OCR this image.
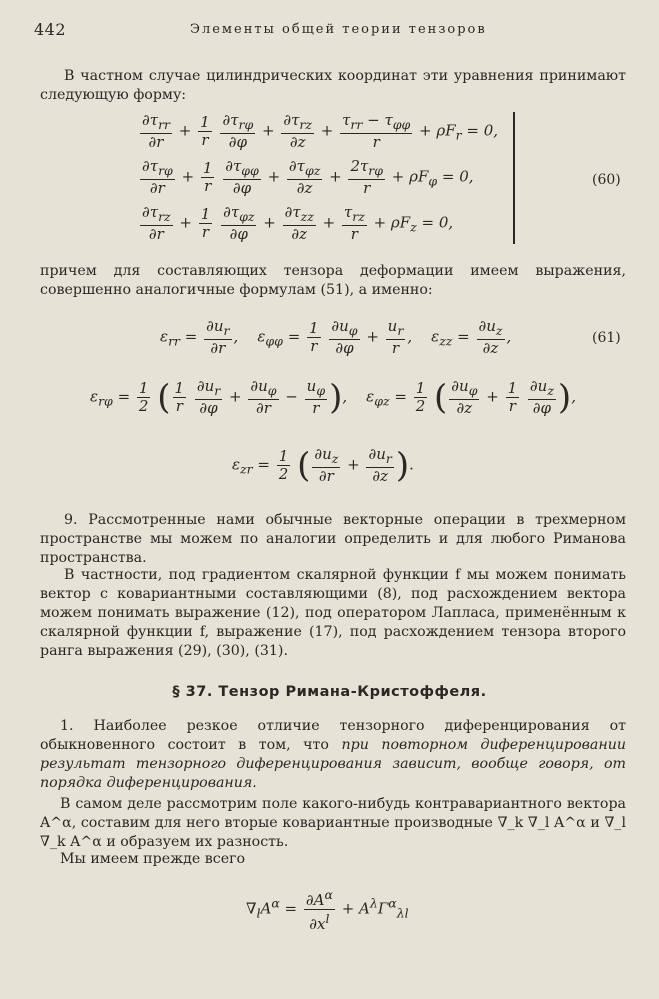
442	Элементы общей теории тензоров
В частном случае цилиндрических координат эти уравнения принимают следующую форму:
$\frac{\partial\tau_{rr}}{\partial r} + \frac{1}{r}$
$\frac{\partial\tau_{r\varphi}}{\partial\varphi} + \frac{\partial\tau_{rz}}{\partial z} + \frac{\tau_{rr} - \tau_{\varphi\varphi}}{r} + \rho F_r = 0$,
$\frac{\partial\tau_{r\varphi}}{\partial r} + \frac{1}{r}$
$\frac{\partial\tau_{\varphi\varphi}}{\partial\varphi} + \frac{\partial\tau_{\varphi z}}{\partial z} + \frac{2\tau_{r\varphi}}{r} + \rho F_\varphi = 0$,
$\frac{\partial\tau_{rz}}{\partial r} + \frac{1}{r}$
$\frac{\partial\tau_{\varphi z}}{\partial\varphi} + \frac{\partial\tau_{zz}}{\partial z} + \frac{\tau_{rz}}{r} + \rho F_z = 0$,
(60)
причем для составляющих тензора деформации имеем выражения, совершенно аналогичные формулам (51), а именно:
$\varepsilon_{rr} = \frac{\partial u_r}{\partial r}$ ,    $\varepsilon_{\varphi\varphi} = \frac{1}{r}$
$\frac{\partial u_\varphi}{\partial\varphi} + \frac{u_r}{r}$ ,    $\varepsilon_{zz} = \frac{\partial u_z}{\partial z}$ ,	(61)
$\varepsilon_{r\varphi} = \frac{1}{2}$ ( $\frac{1}{r}$
$\frac{\partial u_r}{\partial\varphi} + \frac{\partial u_\varphi}{\partial r} - \frac{u_\varphi}{r}$ ),    $\varepsilon_{\varphi z} = \frac{1}{2}$ ( $\frac{\partial u_\varphi}{\partial z} + \frac{1}{r}$
$\frac{\partial u_z}{\partial\varphi}$ ),
$\varepsilon_{zr} = \frac{1}{2}$ ( $\frac{\partial u_z}{\partial r} + \frac{\partial u_r}{\partial z}$ ).
9. Рассмотренные нами обычные векторные операции в трехмерном пространстве мы можем по аналогии определить и для любого Риманова пространства.
В частности, под градиентом скалярной функции f мы можем понимать вектор с ковариантными составляющими (8), под расхождением вектора можем понимать выражение (12), под оператором Лапласа, применённым к скалярной функции f, выражение (17), под расхождением тензора второго ранга выражения (29), (30), (31).
§ 37. Тензор Римана-Кристоффеля.
1. Наиболее резкое отличие тензорного диференцирования от обыкновенного состоит в том, что при повторном диференцировании результат тензорного диференцирования зависит, вообще говоря, от порядка диференцирования.
В самом деле рассмотрим поле какого-нибудь контравариантного вектора A^α, составим для него вторые ковариантные производные ∇_k ∇_l A^α и ∇_l ∇_k A^α и образуем их разность.
Мы имеем прежде всего
$\nabla_lA^\alpha = \frac{\partial A^\alpha}{\partial x^l} + A^\lambda\Gamma^\alpha_{\lambda l}$
